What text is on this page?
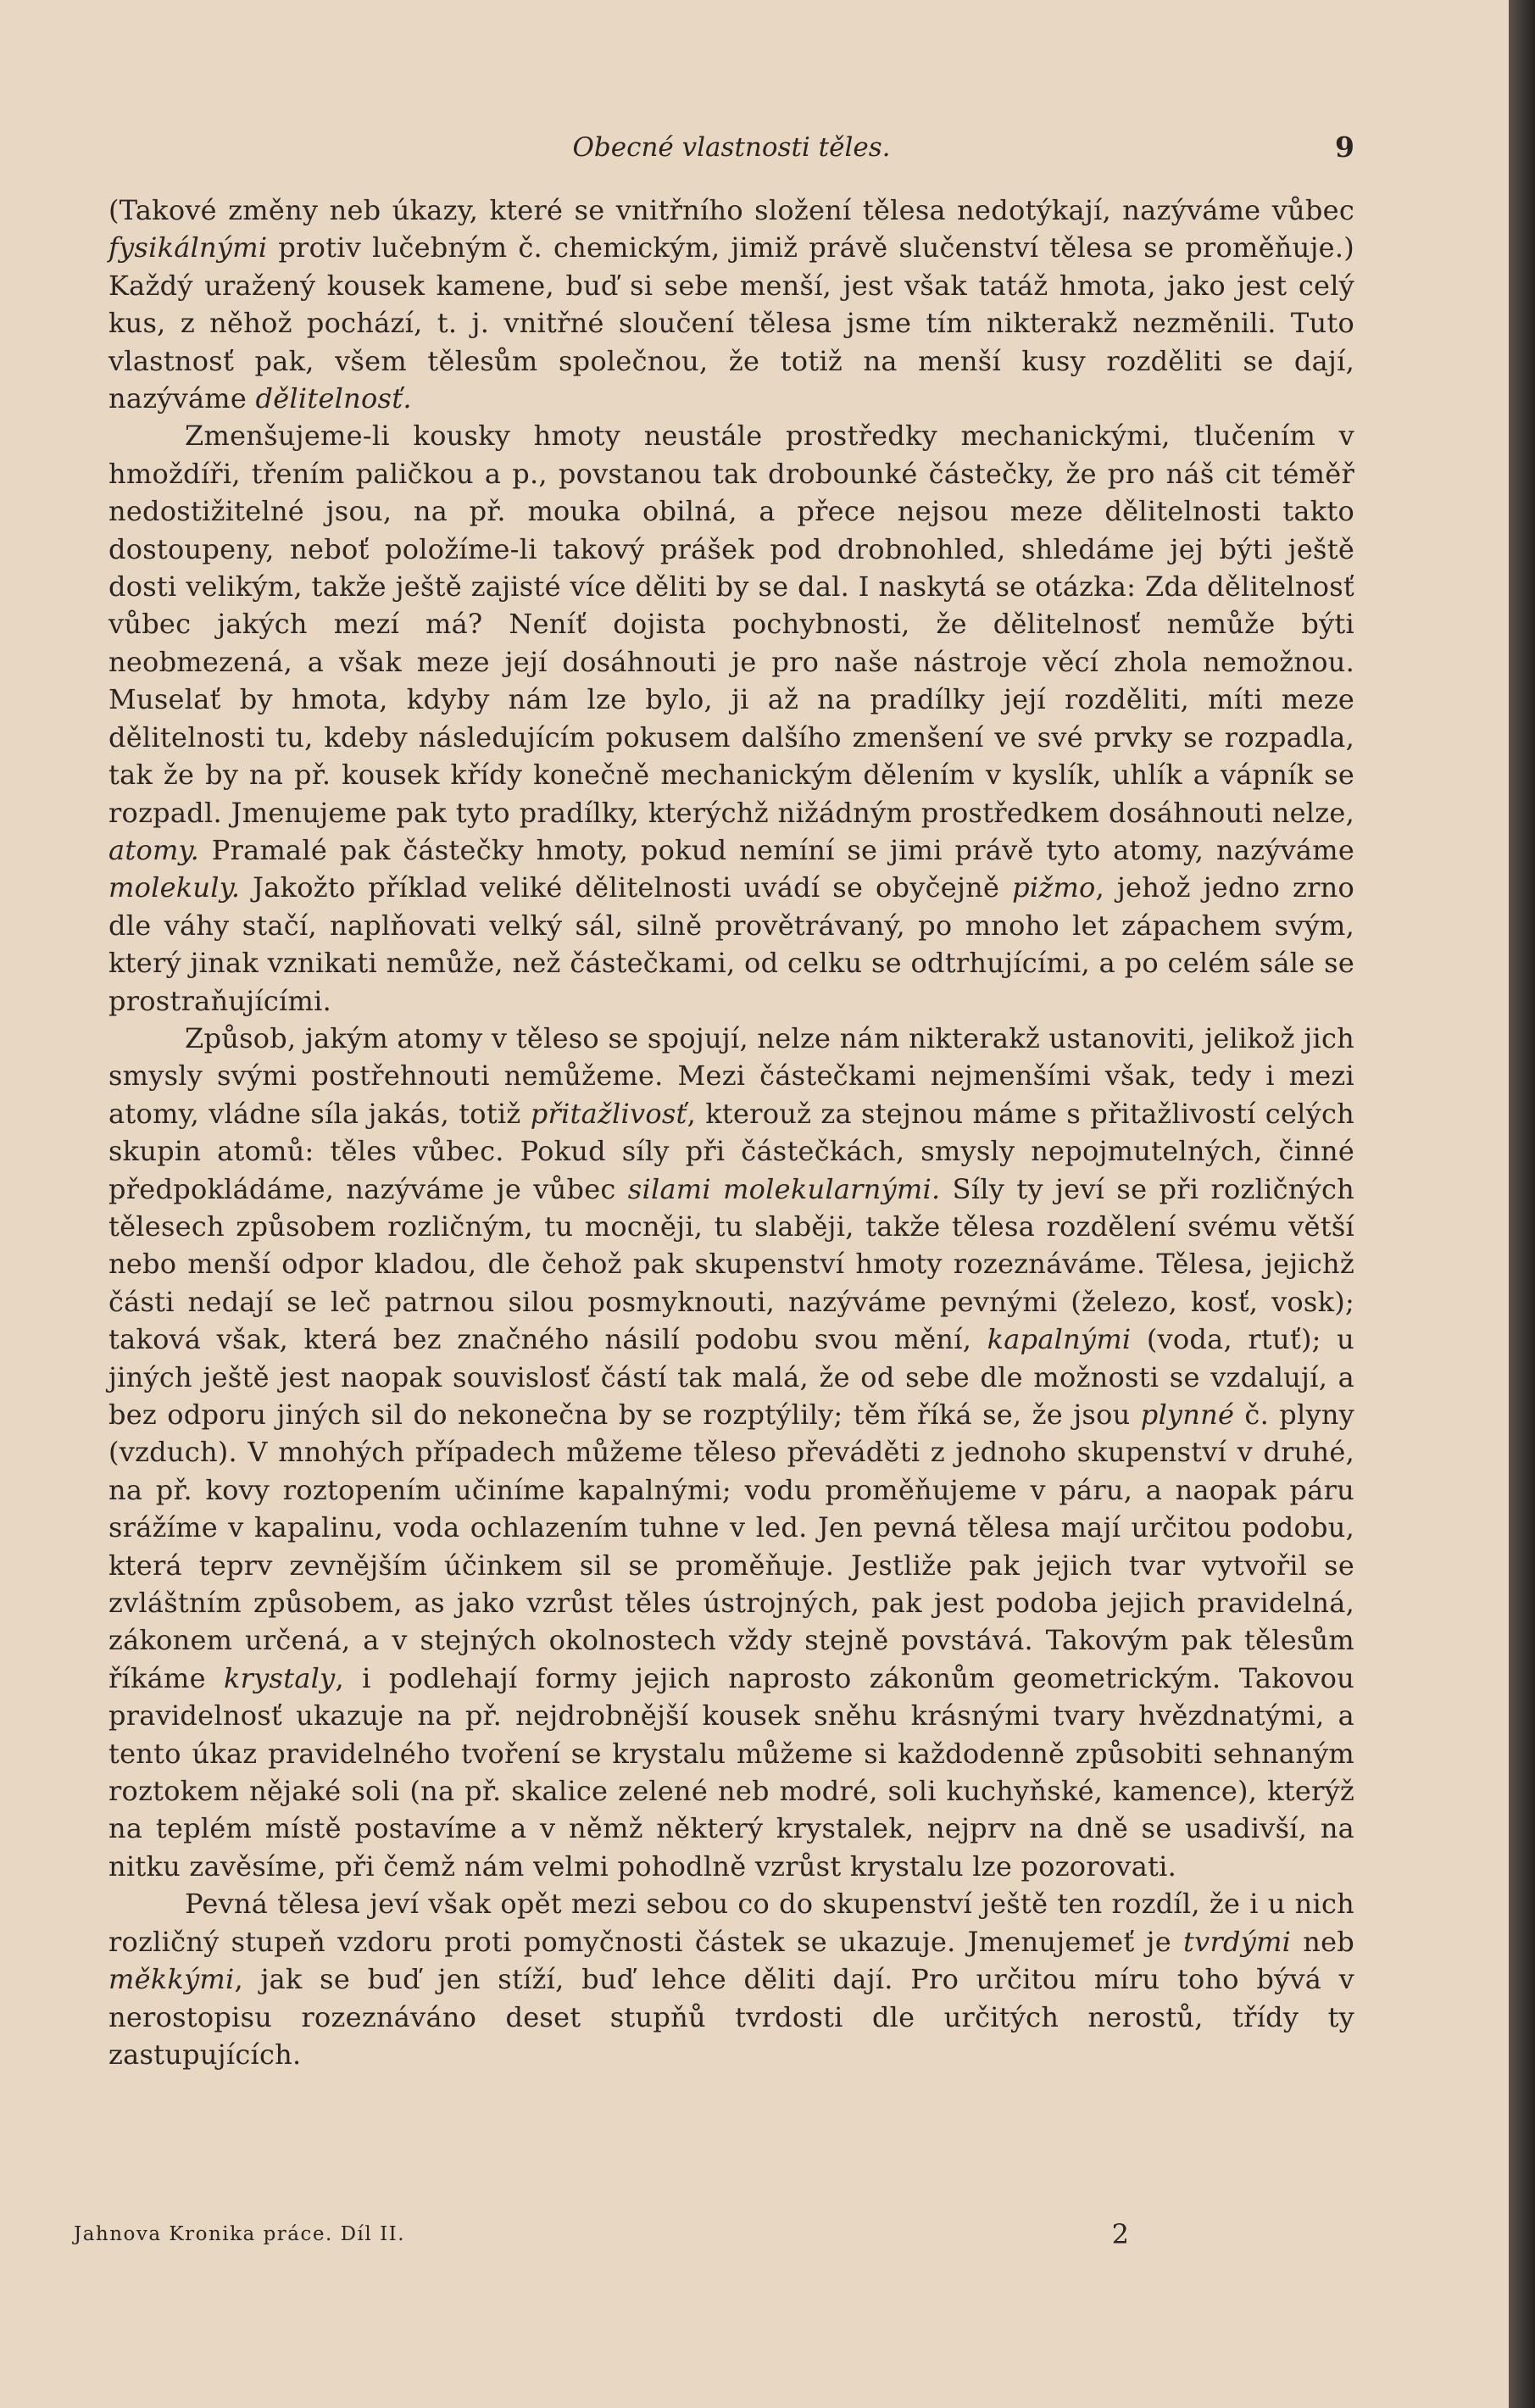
Obecné vlastnosti těles.	9

(Takové změny neb úkazy, které se vnitřního složení tělesa nedotýkají, nazýváme vůbec fysikálnými protiv lučebným č. chemickým, jimiž právě slučenství tělesa se proměňuje.) Každý uražený kousek kamene, buď si sebe menší, jest však tatáž hmota, jako jest celý kus, z něhož pochází, t. j. vnitřné sloučení tělesa jsme tím nikterakž nezměnili. Tuto vlastnosť pak, všem tělesům společnou, že totiž na menší kusy rozděliti se dají, nazýváme dělitelnosť.

Zmenšujeme-li kousky hmoty neustále prostředky mechanickými, tlučením v hmoždíři, třením paličkou a p., povstanou tak drobounké částečky, že pro náš cit téměř nedostižitelné jsou, na př. mouka obilná, a přece nejsou meze dělitelnosti takto dostoupeny, neboť položíme-li takový prášek pod drobnohled, shledáme jej býti ještě dosti velikým, takže ještě zajisté více děliti by se dal. I naskytá se otázka: Zda dělitelnosť vůbec jakých mezí má? Neníť dojista pochybnosti, že dělitelnosť nemůže býti neobmezená, a však meze její dosáhnouti je pro naše nástroje věcí zhola nemožnou. Muselať by hmota, kdyby nám lze bylo, ji až na pradílky její rozděliti, míti meze dělitelnosti tu, kdeby následujícím pokusem dalšího zmenšení ve své prvky se rozpadla, tak že by na př. kousek křídy konečně mechanickým dělením v kyslík, uhlík a vápník se rozpadl. Jmenujeme pak tyto pradílky, kterýchž nižádným prostředkem dosáhnouti nelze, atomy. Pramalé pak částečky hmoty, pokud nemíní se jimi právě tyto atomy, nazýváme molekuly. Jakožto příklad veliké dělitelnosti uvádí se obyčejně pižmo, jehož jedno zrno dle váhy stačí, naplňovati velký sál, silně provětrávaný, po mnoho let zápachem svým, který jinak vznikati nemůže, než částečkami, od celku se odtrhujícími, a po celém sále se prostraňujícími.

Způsob, jakým atomy v těleso se spojují, nelze nám nikterakž ustanoviti, jelikož jich smysly svými postřehnouti nemůžeme. Mezi částečkami nejmenšími však, tedy i mezi atomy, vládne síla jakás, totiž přitažlivosť, kterouž za stejnou máme s přitažlivostí celých skupin atomů: těles vůbec. Pokud síly při částečkách, smysly nepojmutelných, činné předpokládáme, nazýváme je vůbec silami molekularnými. Síly ty jeví se při rozličných tělesech způsobem rozličným, tu mocněji, tu slaběji, takže tělesa rozdělení svému větší nebo menší odpor kladou, dle čehož pak skupenství hmoty rozeznáváme. Tělesa, jejichž části nedají se leč patrnou silou posmyknouti, nazýváme pevnými (železo, kosť, vosk); taková však, která bez značného násilí podobu svou mění, kapalnými (voda, rtuť); u jiných ještě jest naopak souvislosť částí tak malá, že od sebe dle možnosti se vzdalují, a bez odporu jiných sil do nekonečna by se rozptýlily; těm říká se, že jsou plynné č. plyny (vzduch). V mnohých případech můžeme těleso převáděti z jednoho skupenství v druhé, na př. kovy roztopením učiníme kapalnými; vodu proměňujeme v páru, a naopak páru srážíme v kapalinu, voda ochlazením tuhne v led. Jen pevná tělesa mají určitou podobu, která teprv zevnějším účinkem sil se proměňuje. Jestliže pak jejich tvar vytvořil se zvláštním způsobem, as jako vzrůst těles ústrojných, pak jest podoba jejich pravidelná, zákonem určená, a v stejných okolnostech vždy stejně povstává. Takovým pak tělesům říkáme krystaly, i podlehají formy jejich naprosto zákonům geometrickým. Takovou pravidelnosť ukazuje na př. nejdrobnější kousek sněhu krásnými tvary hvězdnatými, a tento úkaz pravidelného tvoření se krystalu můžeme si každodenně způsobiti sehnaným roztokem nějaké soli (na př. skalice zelené neb modré, soli kuchyňské, kamence), kterýž na teplém místě postavíme a v němž některý krystalek, nejprv na dně se usadivší, na nitku zavěsíme, při čemž nám velmi pohodlně vzrůst krystalu lze pozorovati.

Pevná tělesa jeví však opět mezi sebou co do skupenství ještě ten rozdíl, že i u nich rozličný stupeň vzdoru proti pomyčnosti částek se ukazuje. Jmenujemeť je tvrdými neb měkkými, jak se buď jen stíží, buď lehce děliti dají. Pro určitou míru toho bývá v nerostopisu rozeznáváno deset stupňů tvrdosti dle určitých nerostů, třídy ty zastupujících.

Jahnova Kronika práce. Díl II.	2
